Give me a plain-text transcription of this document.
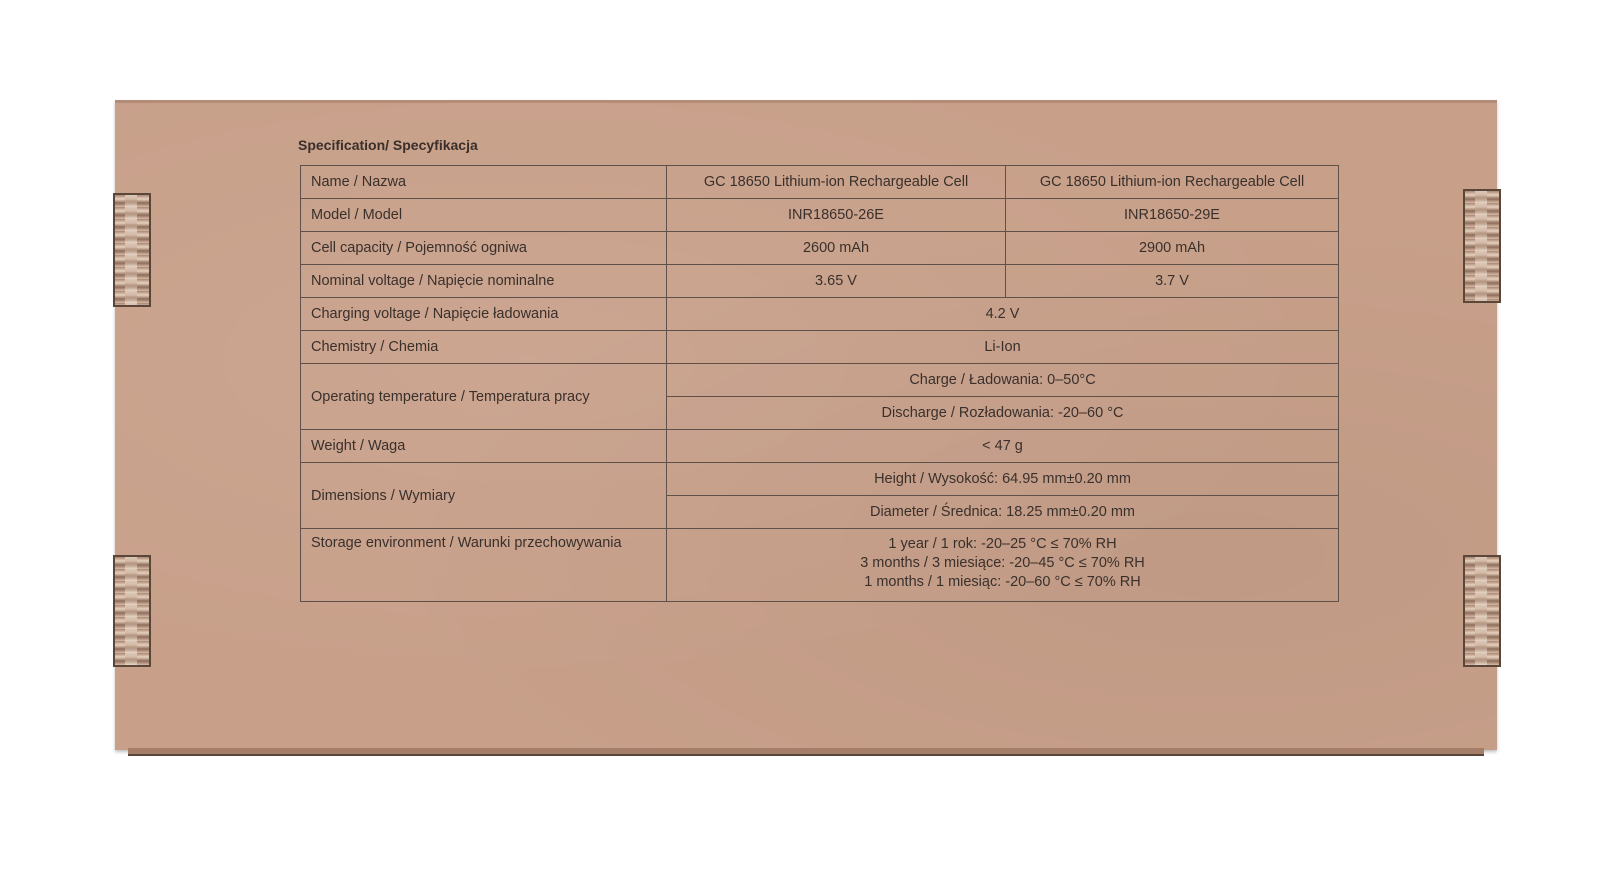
Specification/ Specyfikacja
Name / Nazwa	GC 18650 Lithium-ion Rechargeable Cell	GC 18650 Lithium-ion Rechargeable Cell
Model / Model	INR18650-26E	INR18650-29E
Cell capacity / Pojemność ogniwa	2600 mAh	2900 mAh
Nominal voltage / Napięcie nominalne	3.65 V	3.7 V
Charging voltage / Napięcie ładowania	4.2 V	
Chemistry / Chemia	Li-Ion	
Operating temperature / Temperatura pracy	Charge / Ładowania: 0–50°C	
	Discharge / Rozładowania: -20–60 °C	
Weight / Waga	< 47 g	
Dimensions / Wymiary	Height / Wysokość: 64.95 mm±0.20 mm	
	Diameter / Średnica: 18.25 mm±0.20 mm	
Storage environment / Warunki przechowywania	1 year / 1 rok: -20–25 °C ≤ 70% RH
3 months / 3 miesiące: -20–45 °C ≤ 70% RH
1 months / 1 miesiąc: -20–60 °C ≤ 70% RH	
